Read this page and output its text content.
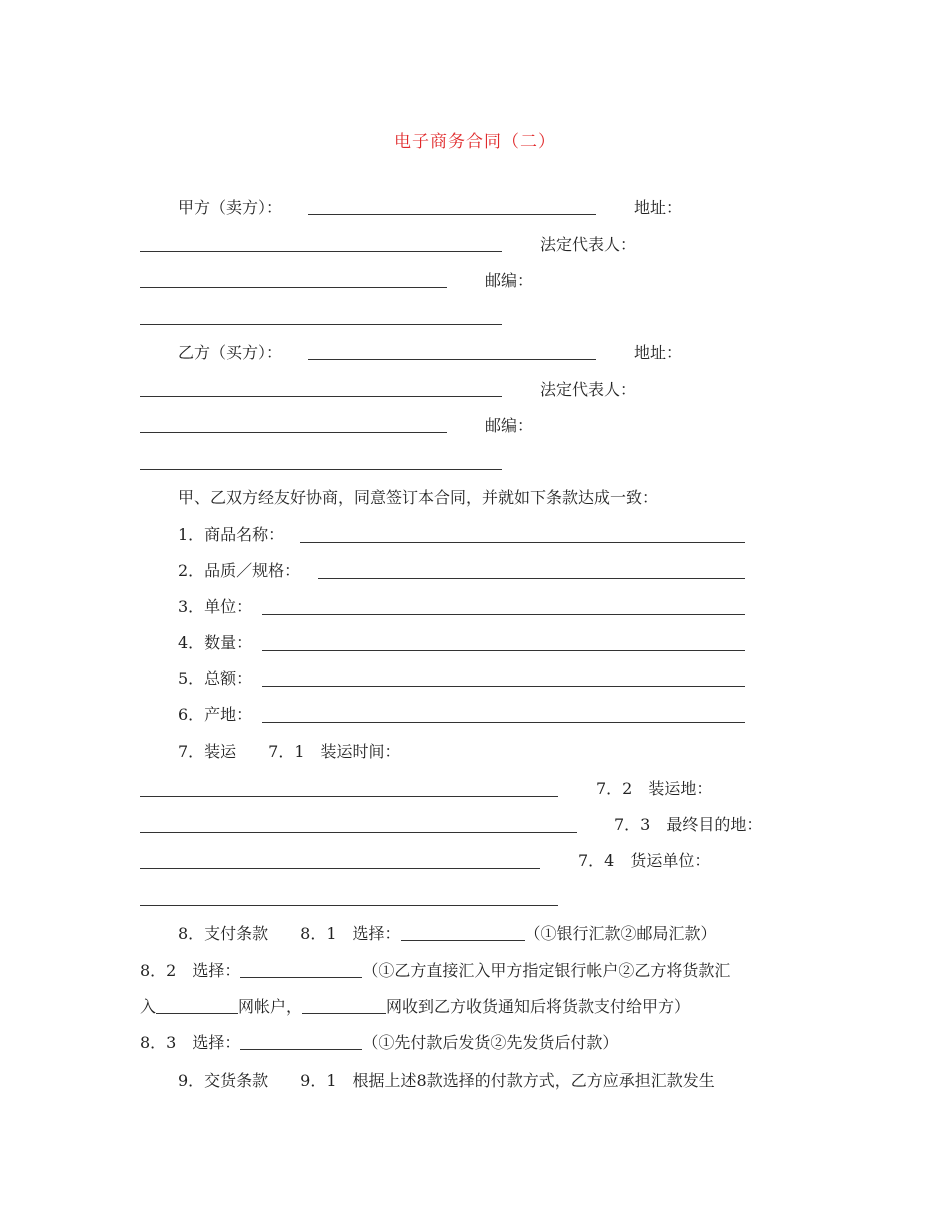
电子商务合同（二）
甲方（卖方）：	地址：
法定代表人：
邮编：
乙方（买方）：	地址：
法定代表人：
邮编：
甲、乙双方经友好协商，同意签订本合同，并就如下条款达成一致：
1．商品名称：
2．品质／规格：
3．单位：
4．数量：
5．总额：
6．产地：
7．装运　　7．1　装运时间：
7．2　装运地：
7．3　最终目的地：
7．4　货运单位：
8．支付条款　　8．1　选择：	（①银行汇款②邮局汇款）
8．2　选择：	（①乙方直接汇入甲方指定银行帐户②乙方将货款汇
入	网帐户，	网收到乙方收货通知后将货款支付给甲方）
8．3　选择：	（①先付款后发货②先发货后付款）
9．交货条款　　9．1　根据上述8款选择的付款方式，乙方应承担汇款发生
